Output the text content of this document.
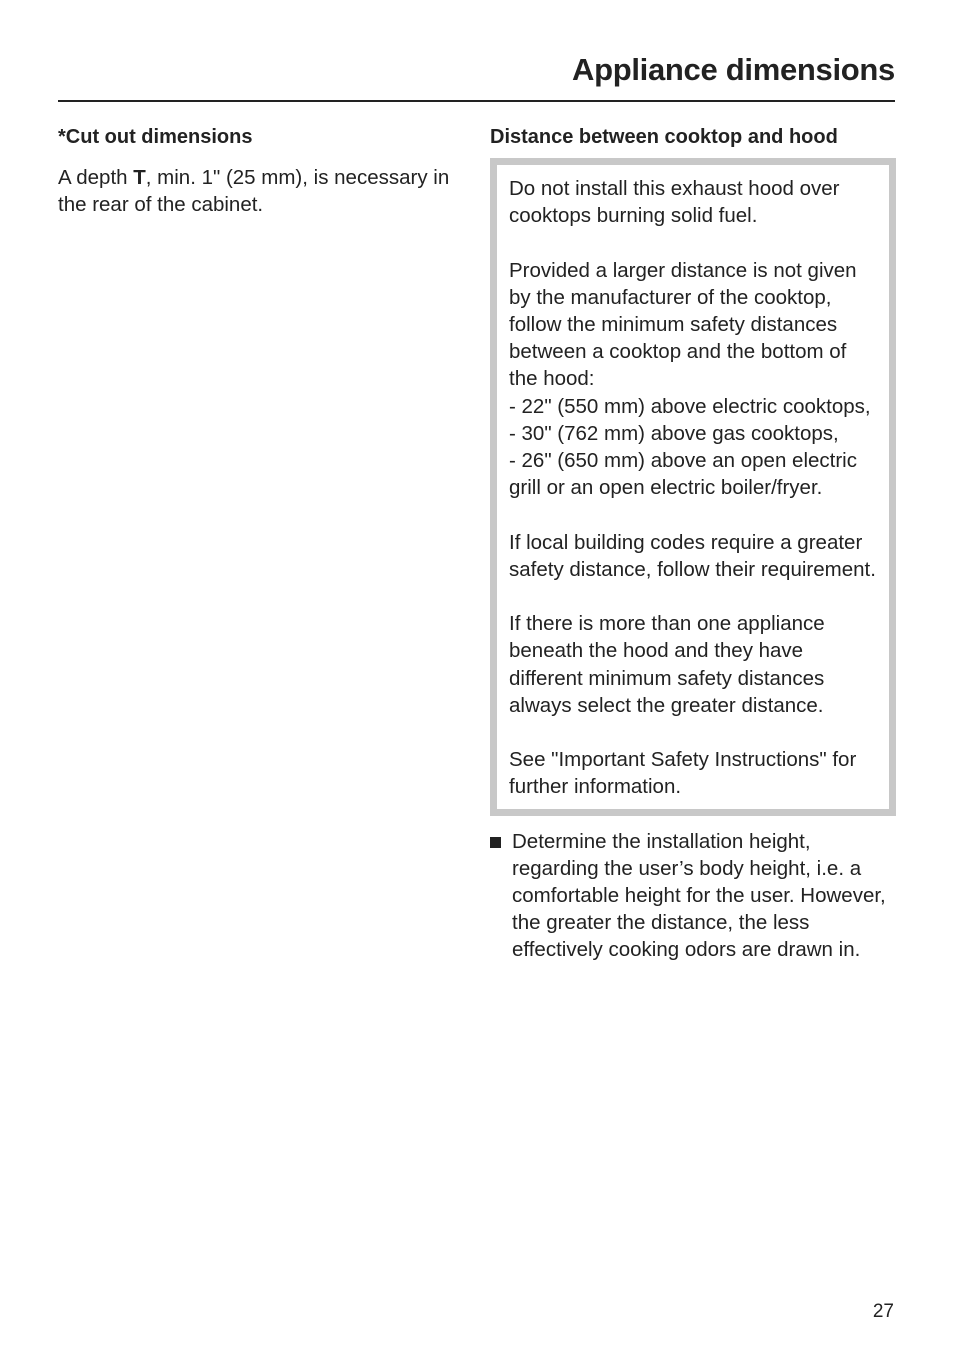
Appliance dimensions
*Cut out dimensions

A depth T, min. 1" (25 mm), is necessary in the rear of the cabinet.

Distance between cooktop and hood

Do not install this exhaust hood over cooktops burning solid fuel.

Provided a larger distance is not given by the manufacturer of the cooktop, follow the minimum safety distances between a cooktop and the bottom of the hood:
- 22" (550 mm) above electric cooktops,
- 30" (762 mm) above gas cooktops,
- 26" (650 mm) above an open electric grill or an open electric boiler/fryer.

If local building codes require a greater safety distance, follow their requirement.

If there is more than one appliance beneath the hood and they have different minimum safety distances always select the greater distance.

See "Important Safety Instructions" for further information.

Determine the installation height, regarding the user’s body height, i.e. a comfortable height for the user. However, the greater the distance, the less effectively cooking odors are drawn in.
27
